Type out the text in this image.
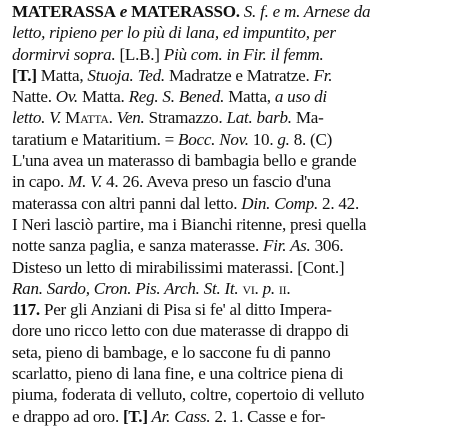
MATERASSA e MATERASSO. S. f. e m. Arnese da
letto, ripieno per lo più di lana, ed impuntito, per
dormirvi sopra. [L.B.] Più com. in Fir. il femm.
[T.] Matta, Stuoja. Ted. Madratze e Matratze. Fr.
Natte. Ov. Matta. Reg. S. Bened. Matta, a uso di
letto. V. Matta. Ven. Stramazzo. Lat. barb. Ma-
taratium e Mataritium. = Bocc. Nov. 10. g. 8. (C)
L'una avea un materasso di bambagia bello e grande
in capo. M. V. 4. 26. Aveva preso un fascio d'una
materassa con altri panni dal letto. Din. Comp. 2. 42.
I Neri lasciò partire, ma i Bianchi ritenne, presi quella
notte sanza paglia, e sanza materasse. Fir. As. 306.
Disteso un letto di mirabilissimi materassi. [Cont.]
Ran. Sardo, Cron. Pis. Arch. St. It. vi. p. ii.
117. Per gli Anziani di Pisa si fe' al ditto Impera-
dore uno ricco letto con due materasse di drappo di
seta, pieno di bambage, e lo saccone fu di panno
scarlatto, pieno di lana fine, e una coltrice piena di
piuma, foderata di velluto, coltre, copertoio di velluto
e drappo ad oro. [T.] Ar. Cass. 2. 1. Casse e for-
